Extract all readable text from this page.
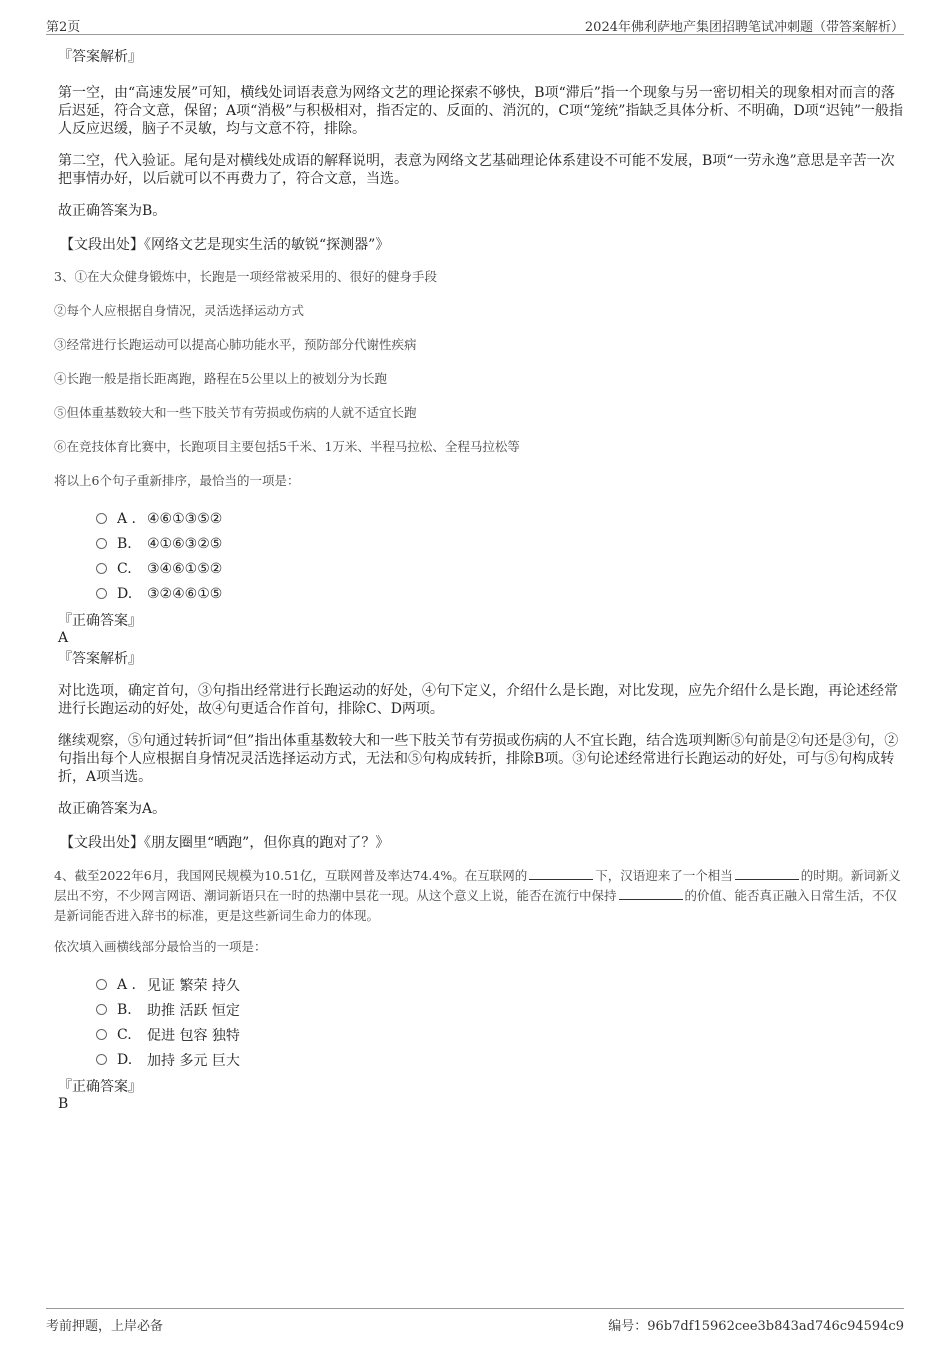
第2页	2024年佛利萨地产集团招聘笔试冲刺题（带答案解析）
『答案解析』

第一空，由“高速发展”可知，横线处词语表意为网络文艺的理论探索不够快，B项“滞后”指一个现象与另一密切相关的现象相对而言的落后迟延，符合文意，保留；A项“消极”与积极相对，指否定的、反面的、消沉的，C项“笼统”指缺乏具体分析、不明确，D项“迟钝”一般指人反应迟缓，脑子不灵敏，均与文意不符，排除。

第二空，代入验证。尾句是对横线处成语的解释说明，表意为网络文艺基础理论体系建设不可能不发展，B项“一劳永逸”意思是辛苦一次把事情办好，以后就可以不再费力了，符合文意，当选。

故正确答案为B。

【文段出处】《网络文艺是现实生活的敏锐“探测器”》

3、①在大众健身锻炼中，长跑是一项经常被采用的、很好的健身手段

②每个人应根据自身情况，灵活选择运动方式

③经常进行长跑运动可以提高心肺功能水平，预防部分代谢性疾病

④长跑一般是指长距离跑，路程在5公里以上的被划分为长跑

⑤但体重基数较大和一些下肢关节有劳损或伤病的人就不适宜长跑

⑥在竞技体育比赛中，长跑项目主要包括5千米、1万米、半程马拉松、全程马拉松等

将以上6个句子重新排序，最恰当的一项是：

A . ④⑥①③⑤②
B.	④①⑥③②⑤
C.	③④⑥①⑤②
D.	③②④⑥①⑤
『正确答案』
A
『答案解析』

对比选项，确定首句，③句指出经常进行长跑运动的好处，④句下定义，介绍什么是长跑，对比发现，应先介绍什么是长跑，再论述经常进行长跑运动的好处，故④句更适合作首句，排除C、D两项。

继续观察，⑤句通过转折词“但”指出体重基数较大和一些下肢关节有劳损或伤病的人不宜长跑，结合选项判断⑤句前是②句还是③句，②句指出每个人应根据自身情况灵活选择运动方式，无法和⑤句构成转折，排除B项。③句论述经常进行长跑运动的好处，可与⑤句构成转折，A项当选。

故正确答案为A。

【文段出处】《朋友圈里“晒跑”，但你真的跑对了？》

4、截至2022年6月，我国网民规模为10.51亿，互联网普及率达74.4%。在互联网的	下，汉语迎来了一个相当	的时期。新词新义层出不穷，不少网言网语、潮词新语只在一时的热潮中昙花一现。从这个意义上说，能否在流行中保持	的价值、能否真正融入日常生活，不仅是新词能否进入辞书的标准，更是这些新词生命力的体现。

依次填入画横线部分最恰当的一项是：

A . 见证 繁荣 持久
B.	助推 活跃 恒定
C.	促进 包容 独特
D.	加持 多元 巨大
『正确答案』
B
考前押题，上岸必备	编号：96b7df15962cee3b843ad746c94594c9
